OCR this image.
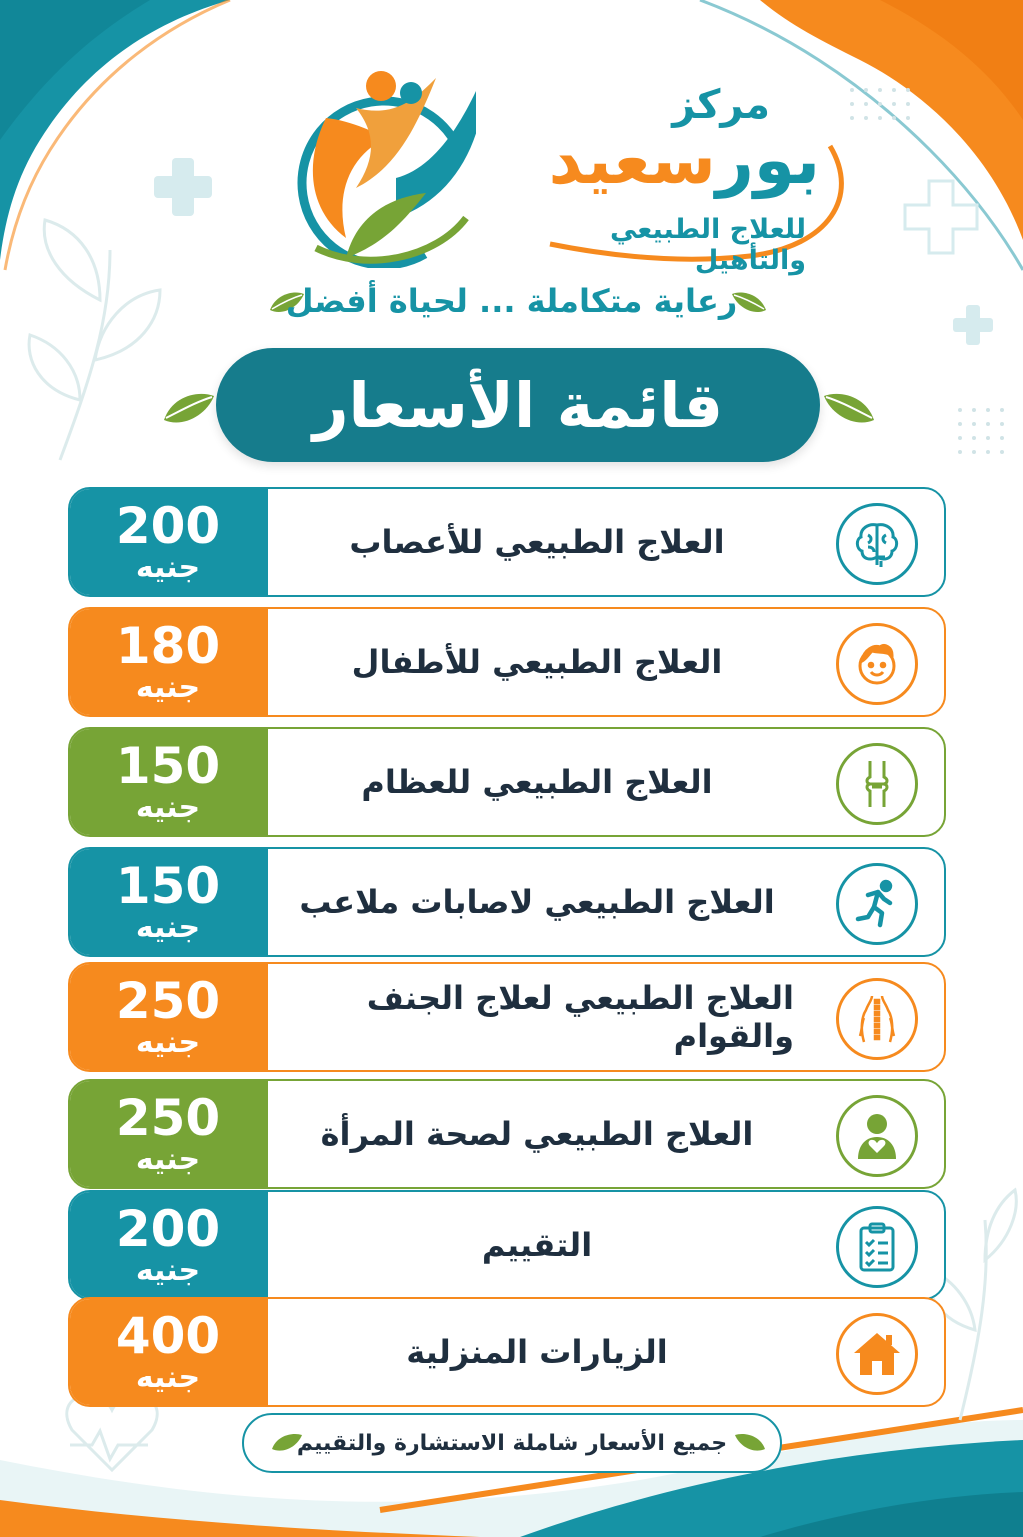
مركز
بورسعيد
للعلاج الطبيعي والتأهيل
رعاية متكاملة ... لحياة أفضل
قائمة الأسعار
200
جنيه
العلاج الطبيعي للأعصاب
180
جنيه
العلاج الطبيعي للأطفال
150
جنيه
العلاج الطبيعي للعظام
150
جنيه
العلاج الطبيعي لاصابات ملاعب
250
جنيه
العلاج الطبيعي لعلاج الجنف والقوام
250
جنيه
العلاج الطبيعي لصحة المرأة
200
جنيه
التقييم
400
جنيه
الزيارات المنزلية
جميع الأسعار شاملة الاستشارة والتقييم
